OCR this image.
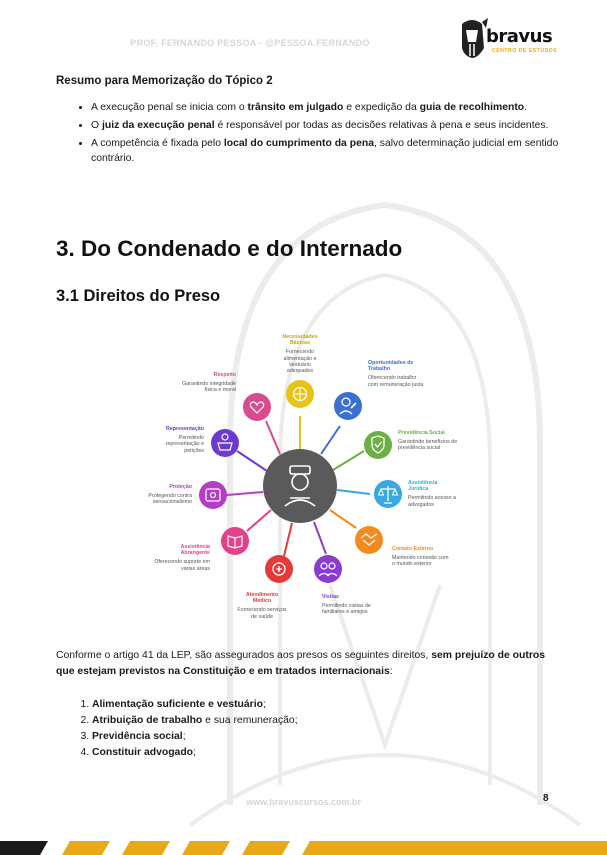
PROF. FERNANDO PESSOA - @PESSOA.FERNANDO	bravus
CENTRO DE ESTUDOS
Resumo para Memorização do Tópico 2
• A execução penal se inicia com o trânsito em julgado e expedição da guia de recolhimento.
• O juiz da execução penal é responsável por todas as decisões relativas à pena e seus incidentes.
• A competência é fixada pelo local do cumprimento da pena, salvo determinação judicial em sentido contrário.
3. Do Condenado e do Internado
3.1 Direitos do Preso
Necessidades Básicas
Fornecendo alimentação e vestuário adequados
Oportunidades de Trabalho
Oferecendo trabalho com remuneração justa
Previdência Social
Garantindo benefícios de previdência social
Assistência Jurídica
Permitindo acesso a advogados
Contato Externo
Mantendo conexão com o mundo exterior
Visitas
Permitindo visitas de familiares e amigos
Atendimento Médico
Fornecendo serviços de saúde
Assistência Abrangente
Oferecendo suporte em várias áreas
Proteção
Protegendo contra sensacionalismo
Representação
Permitindo representação e petições
Respeito
Garantindo integridade física e moral
Conforme o artigo 41 da LEP, são assegurados aos presos os seguintes direitos, sem prejuízo de outros que estejam previstos na Constituição e em tratados internacionais:
1. Alimentação suficiente e vestuário;
2. Atribuição de trabalho e sua remuneração;
3. Previdência social;
4. Constituir advogado;
8
www.bravuscursos.com.br
